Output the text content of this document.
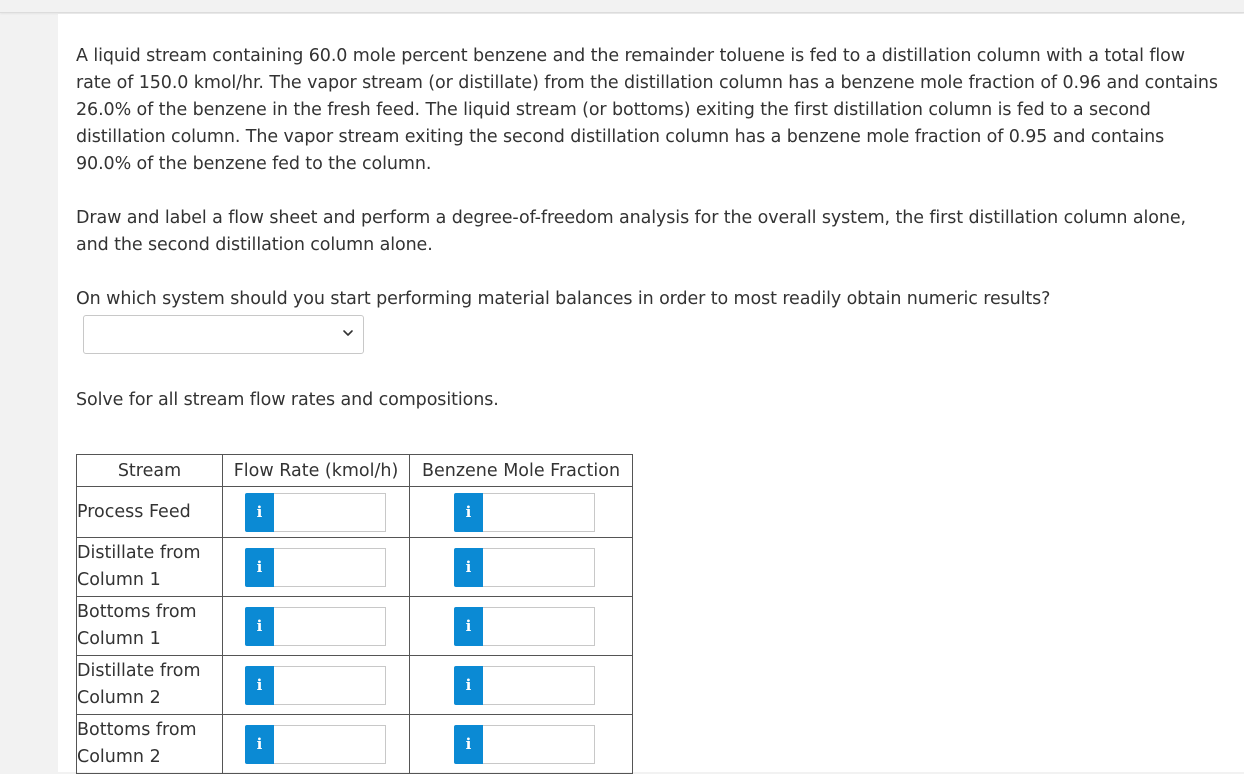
A liquid stream containing 60.0 mole percent benzene and the remainder toluene is fed to a distillation column with a total flow rate of 150.0 kmol/hr. The vapor stream (or distillate) from the distillation column has a benzene mole fraction of 0.96 and contains 26.0% of the benzene in the fresh feed. The liquid stream (or bottoms) exiting the first distillation column is fed to a second distillation column. The vapor stream exiting the second distillation column has a benzene mole fraction of 0.95 and contains 90.0% of the benzene fed to the column.

Draw and label a flow sheet and perform a degree-of-freedom analysis for the overall system, the first distillation column alone, and the second distillation column alone.

On which system should you start performing material balances in order to most readily obtain numeric results?

Solve for all stream flow rates and compositions.

Stream	Flow Rate (kmol/h)	Benzene Mole Fraction
Process Feed	i	i

Distillate from Column 1	i	i

Bottoms from Column 1	i	i

Distillate from Column 2	i	i

Bottoms from Column 2	i	i
